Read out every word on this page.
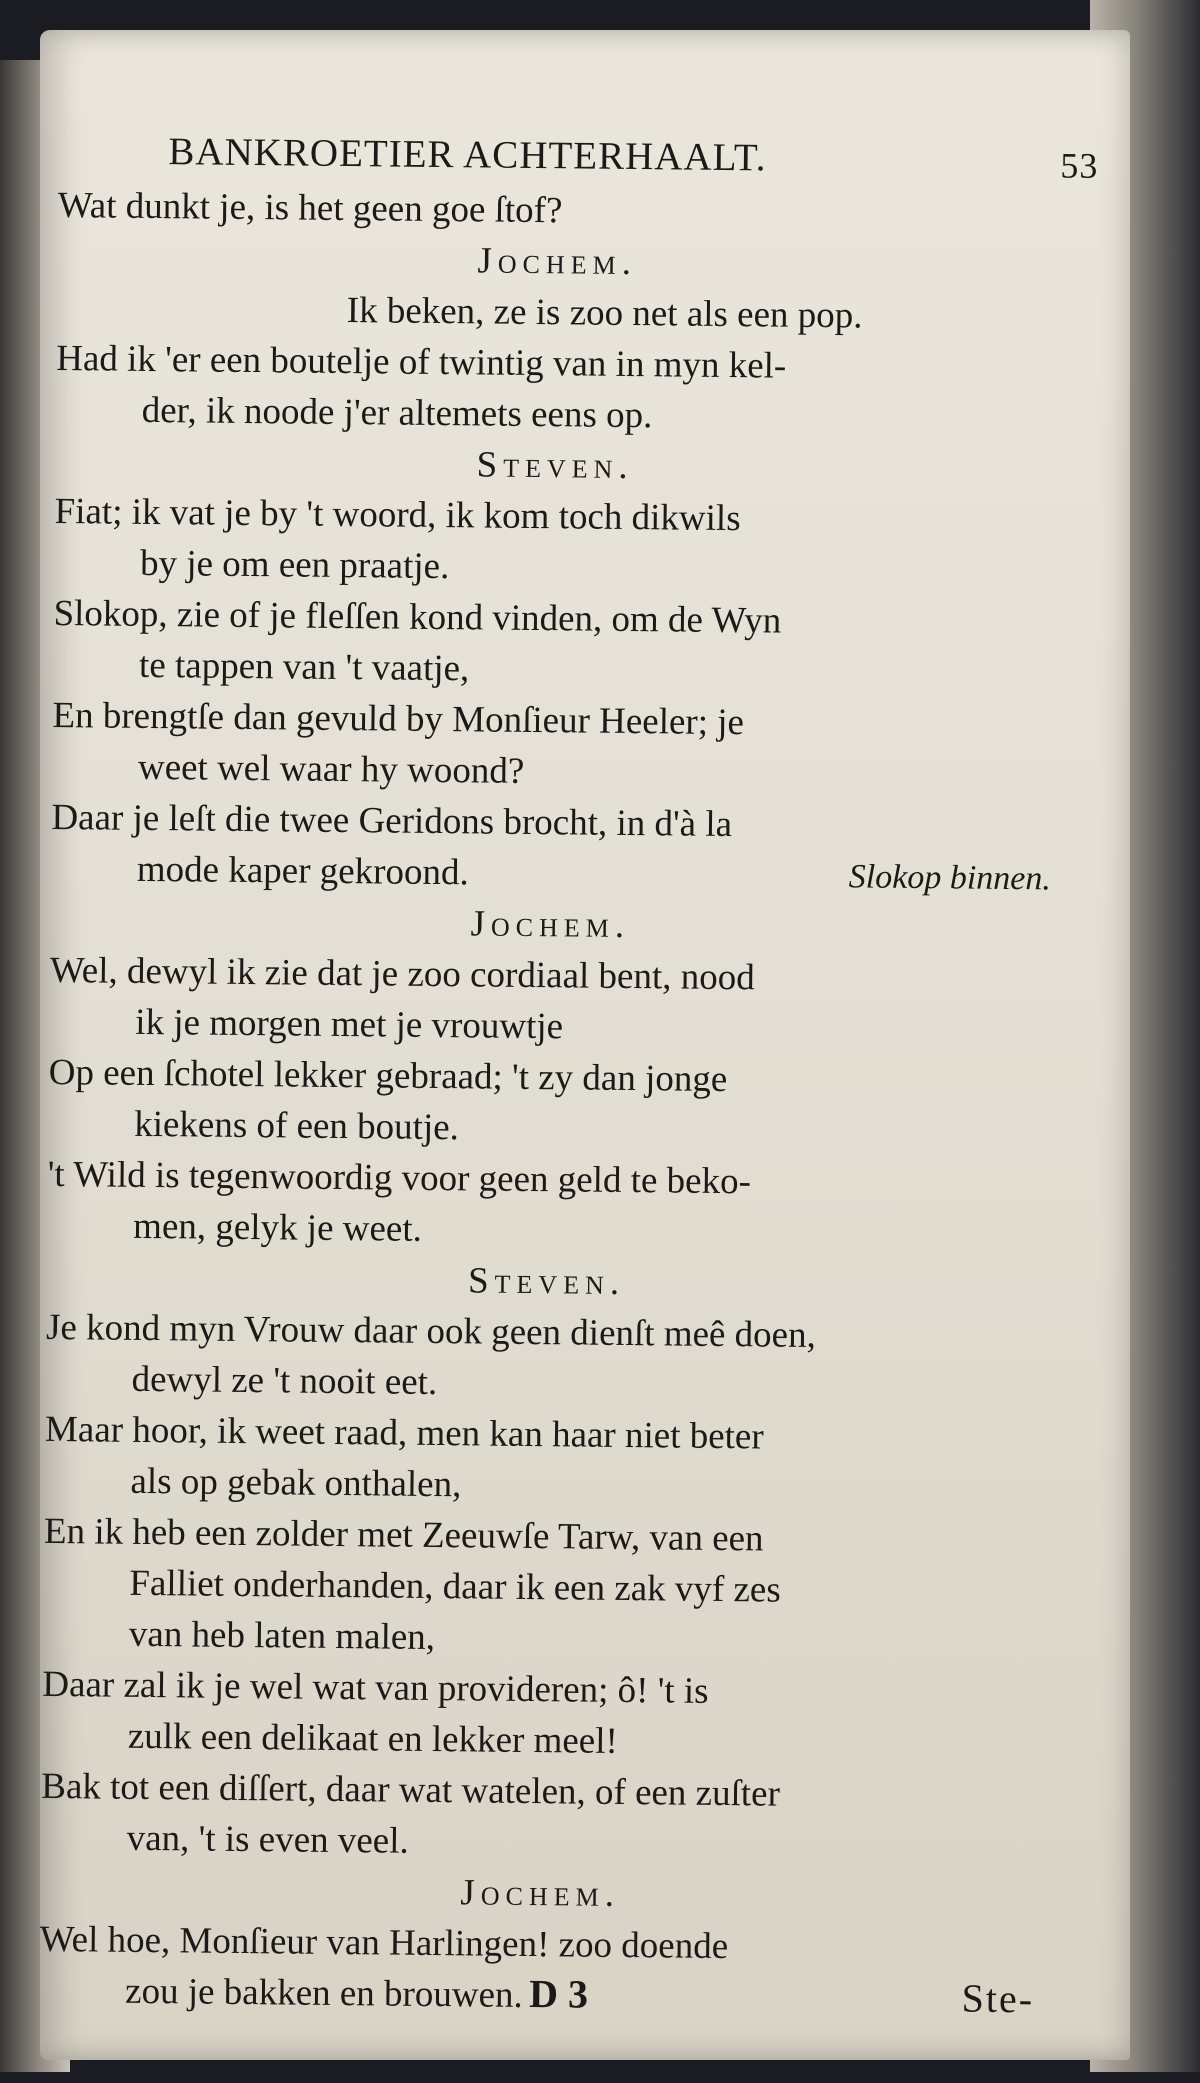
BANKROETIER ACHTERHAALT.	53
Wat dunkt je, is het geen goe ſtof?
Jochem.
Ik beken, ze is zoo net als een pop.
Had ik 'er een boutelje of twintig van in myn kel-
der, ik noode j'er altemets eens op.
Steven.
Fiat; ik vat je by 't woord, ik kom toch dikwils
by je om een praatje.
Slokop, zie of je fleſſen kond vinden, om de Wyn
te tappen van 't vaatje,
En brengtſe dan gevuld by Monſieur Heeler; je
weet wel waar hy woond?
Daar je leſt die twee Geridons brocht, in d'à la
mode kaper gekroond.	Slokop binnen.
Jochem.
Wel, dewyl ik zie dat je zoo cordiaal bent, nood
ik je morgen met je vrouwtje
Op een ſchotel lekker gebraad; 't zy dan jonge
kiekens of een boutje.
't Wild is tegenwoordig voor geen geld te beko-
men, gelyk je weet.
Steven.
Je kond myn Vrouw daar ook geen dienſt meê doen,
dewyl ze 't nooit eet.
Maar hoor, ik weet raad, men kan haar niet beter
als op gebak onthalen,
En ik heb een zolder met Zeeuwſe Tarw, van een
Falliet onderhanden, daar ik een zak vyf zes
van heb laten malen,
Daar zal ik je wel wat van provideren; ô! 't is
zulk een delikaat en lekker meel!
Bak tot een diſſert, daar wat watelen, of een zuſter
van, 't is even veel.
Jochem.
Wel hoe, Monſieur van Harlingen! zoo doende
zou je bakken en brouwen. D 3	Ste-
